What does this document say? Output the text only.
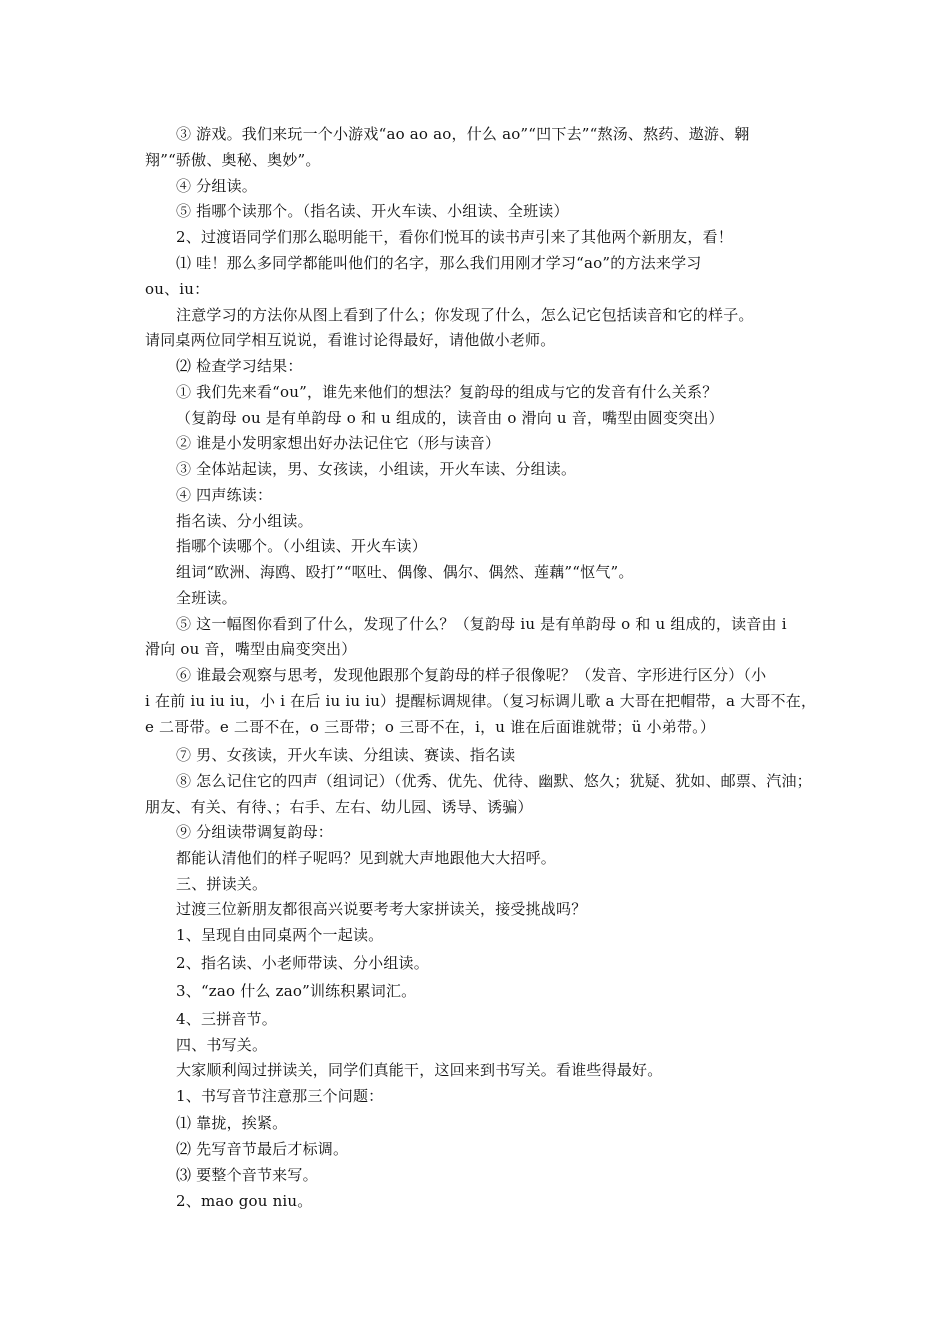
③ 游戏。我们来玩一个小游戏“ao ao ao，什么 ao”“凹下去”“熬汤、熬药、遨游、翱
翔”“骄傲、奥秘、奥妙”。
④ 分组读。
⑤ 指哪个读那个。（指名读、开火车读、小组读、全班读）
2、过渡语同学们那么聪明能干，看你们悦耳的读书声引来了其他两个新朋友，看！
⑴ 哇！那么多同学都能叫他们的名字，那么我们用刚才学习“ao”的方法来学习
ou、iu：
注意学习的方法你从图上看到了什么；你发现了什么，怎么记它包括读音和它的样子。
请同桌两位同学相互说说，看谁讨论得最好，请他做小老师。
⑵ 检查学习结果：
① 我们先来看“ou”，谁先来他们的想法？复韵母的组成与它的发音有什么关系？
（复韵母 ou 是有单韵母 o 和 u 组成的，读音由 o 滑向 u 音，嘴型由圆变突出）
② 谁是小发明家想出好办法记住它（形与读音）
③ 全体站起读，男、女孩读，小组读，开火车读、分组读。
④ 四声练读：
指名读、分小组读。
指哪个读哪个。（小组读、开火车读）
组词“欧洲、海鸥、殴打”“呕吐、偶像、偶尔、偶然、莲藕”“怄气”。
全班读。
⑤ 这一幅图你看到了什么，发现了什么？（复韵母 iu 是有单韵母 o 和 u 组成的，读音由 i
滑向 ou 音，嘴型由扁变突出）
⑥ 谁最会观察与思考，发现他跟那个复韵母的样子很像呢？（发音、字形进行区分）（小
i 在前 iu iu iu，小 i 在后 iu iu iu）提醒标调规律。（复习标调儿歌 a 大哥在把帽带，a 大哥不在，
e 二哥带。e 二哥不在，o 三哥带；o 三哥不在，i，u 谁在后面谁就带；ü 小弟带。）
⑦ 男、女孩读，开火车读、分组读、赛读、指名读
⑧ 怎么记住它的四声（组词记）（优秀、优先、优待、幽默、悠久；犹疑、犹如、邮票、汽油；
朋友、有关、有待、；右手、左右、幼儿园、诱导、诱骗）
⑨ 分组读带调复韵母：
都能认清他们的样子呢吗？见到就大声地跟他大大招呼。
三、拼读关。
过渡三位新朋友都很高兴说要考考大家拼读关，接受挑战吗？
1、呈现自由同桌两个一起读。
2、指名读、小老师带读、分小组读。
3、“zao 什么 zao”训练积累词汇。
4、三拼音节。
四、书写关。
大家顺利闯过拼读关，同学们真能干，这回来到书写关。看谁些得最好。
1、书写音节注意那三个问题：
⑴ 靠拢，挨紧。
⑵ 先写音节最后才标调。
⑶ 要整个音节来写。
2、mao gou niu。
